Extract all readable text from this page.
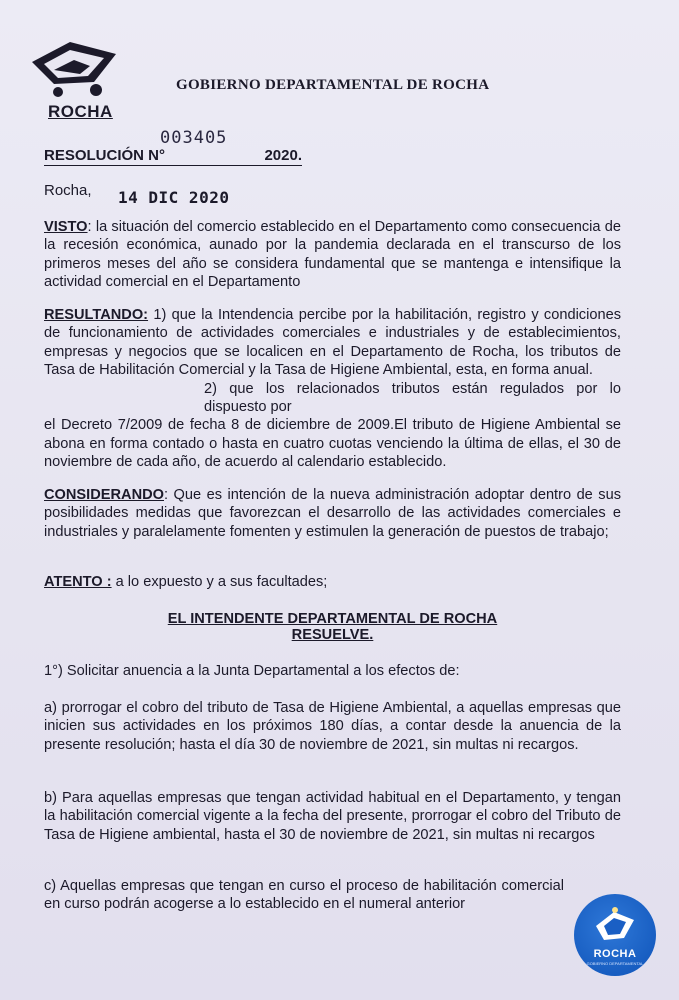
ROCHA
GOBIERNO DEPARTAMENTAL DE ROCHA
003405
RESOLUCIÓN N°	2020.
Rocha, 14 DIC 2020
VISTO: la situación del comercio establecido en el Departamento como consecuencia de la recesión económica, aunado por la pandemia declarada en el transcurso de los primeros meses del año se considera fundamental que se mantenga e intensifique la actividad comercial en el Departamento
RESULTANDO: 1) que la Intendencia percibe por la habilitación, registro y condiciones de funcionamiento de actividades comerciales e industriales y de establecimientos, empresas y negocios que se localicen en el Departamento de Rocha, los tributos de Tasa de Habilitación Comercial y la Tasa de Higiene Ambiental, esta, en forma anual.
2) que los relacionados tributos están regulados por lo dispuesto por
el Decreto 7/2009 de fecha 8 de diciembre de 2009.El tributo de Higiene Ambiental se abona en forma contado o hasta en cuatro cuotas venciendo la última de ellas, el 30 de noviembre de cada año, de acuerdo al calendario establecido.
CONSIDERANDO: Que es intención de la nueva administración adoptar dentro de sus posibilidades medidas que favorezcan el desarrollo de las actividades comerciales e industriales y paralelamente fomenten y estimulen la generación de puestos de trabajo;
ATENTO : a lo expuesto y a sus facultades;
EL INTENDENTE DEPARTAMENTAL DE ROCHA
RESUELVE.
1°) Solicitar anuencia a la Junta Departamental a los efectos de:
a) prorrogar el cobro del tributo de Tasa de Higiene Ambiental, a aquellas empresas que inicien sus actividades en los próximos 180 días, a contar desde la anuencia de la presente resolución; hasta el día 30 de noviembre de 2021, sin multas ni recargos.
b) Para aquellas empresas que tengan actividad habitual en el Departamento, y tengan la habilitación comercial vigente a la fecha del presente, prorrogar el cobro del Tributo de Tasa de Higiene ambiental, hasta el 30 de noviembre de 2021, sin multas ni recargos
c) Aquellas empresas que tengan en curso el proceso de habilitación comercial en curso podrán acogerse a lo establecido en el numeral anterior
ROCHA
GOBIERNO DEPARTAMENTAL
